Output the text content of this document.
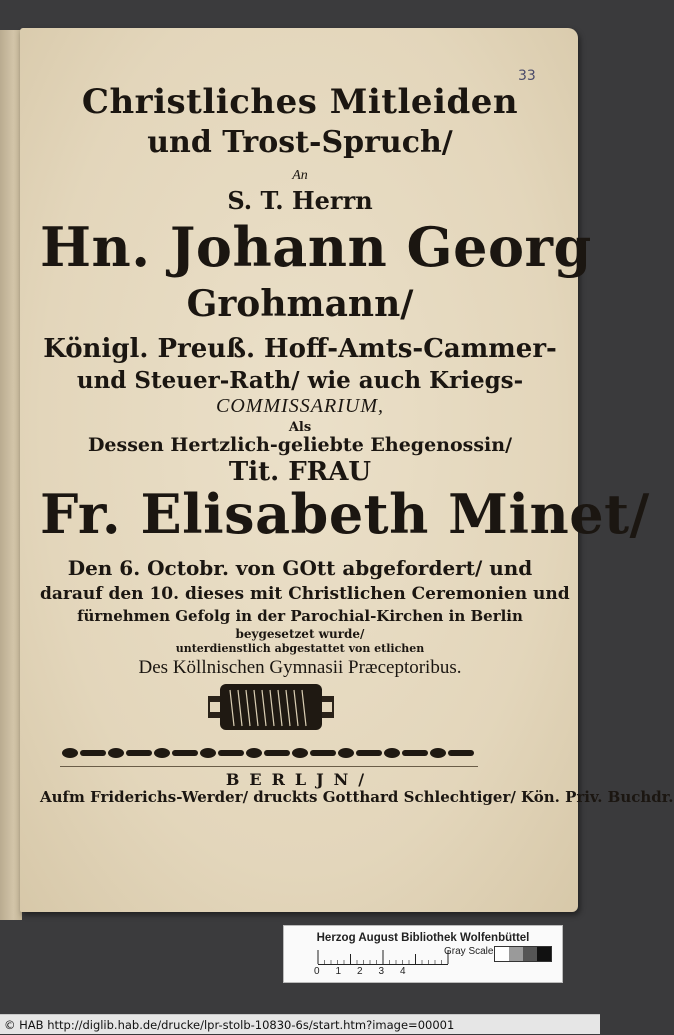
33
Christliches Mitleiden
und Trost-Spruch/
An
S. T. Herrn
Hn. Johann Georg
Grohmann/
Königl. Preuß. Hoff-Amts-Cammer-
und Steuer-Rath/ wie auch Kriegs-
COMMISSARIUM,
Als
Dessen Hertzlich-geliebte Ehegenossin/
Tit. FRAU
Fr. Elisabeth Minet/
Den 6. Octobr. von GOtt abgefordert/ und
darauf den 10. dieses mit Christlichen Ceremonien und
fürnehmen Gefolg in der Parochial-Kirchen in Berlin
beygesetzet wurde/
unterdienstlich abgestattet von etlichen
Des Köllnischen Gymnasii Præceptoribus.
BERLJN/
Aufm Friderichs-Werder/ druckts Gotthard Schlechtiger/ Kön. Priv. Buchdr.
Herzog August Bibliothek Wolfenbüttel
0 1 2 3 4
Gray Scale
© HAB http://diglib.hab.de/drucke/lpr-stolb-10830-6s/start.htm?image=00001
